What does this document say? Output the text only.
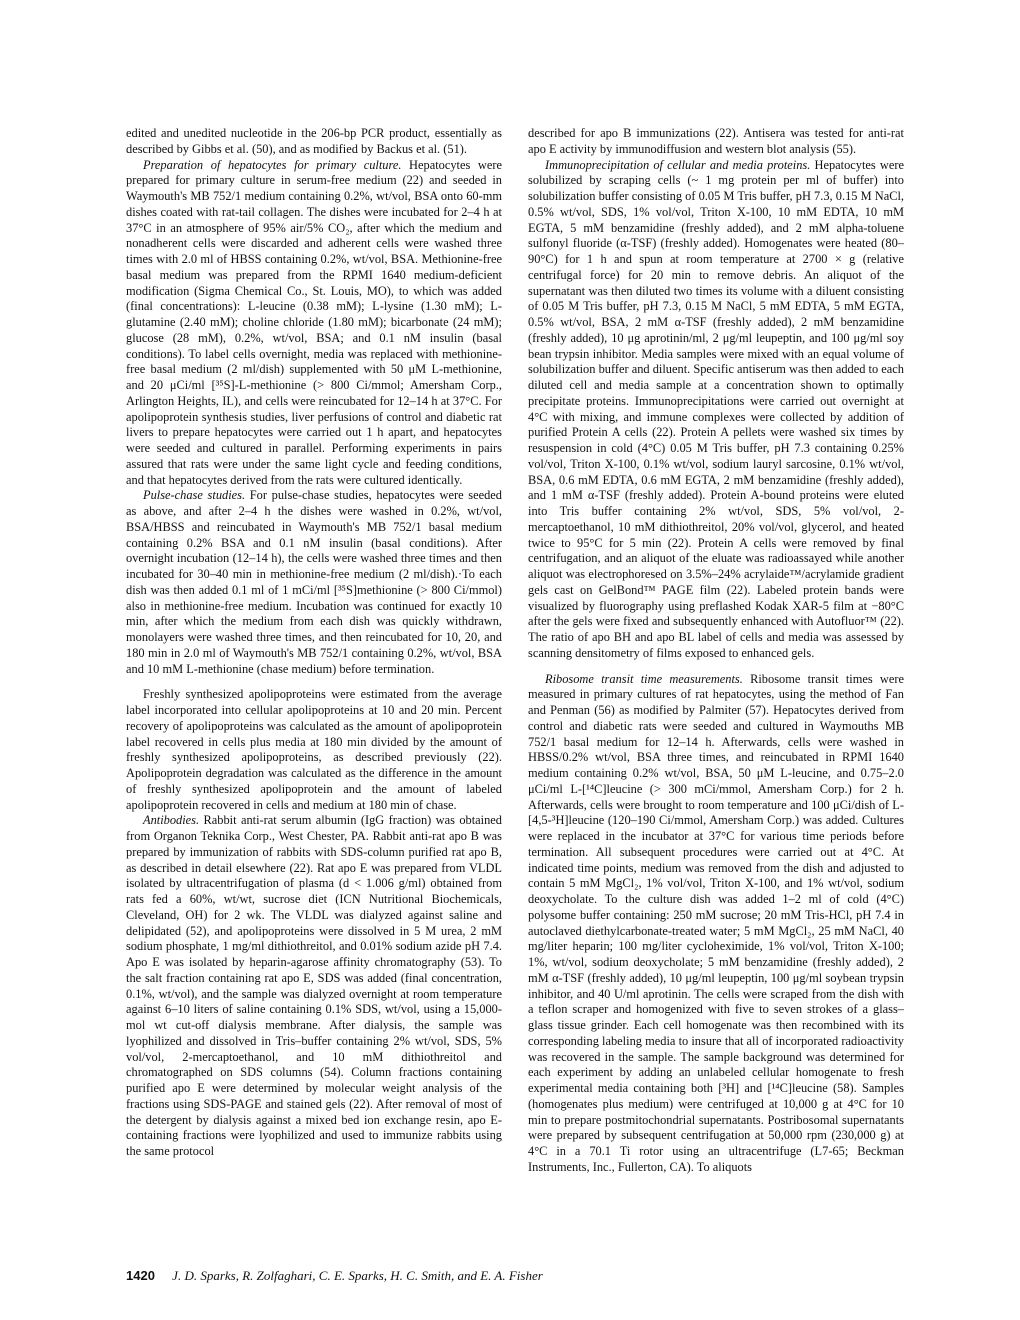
edited and unedited nucleotide in the 206-bp PCR product, essentially as described by Gibbs et al. (50), and as modified by Backus et al. (51).

Preparation of hepatocytes for primary culture. Hepatocytes were prepared for primary culture in serum-free medium (22) and seeded in Waymouth's MB 752/1 medium containing 0.2%, wt/vol, BSA onto 60-mm dishes coated with rat-tail collagen. The dishes were incubated for 2–4 h at 37°C in an atmosphere of 95% air/5% CO₂, after which the medium and nonadherent cells were discarded and adherent cells were washed three times with 2.0 ml of HBSS containing 0.2%, wt/vol, BSA. Methionine-free basal medium was prepared from the RPMI 1640 medium-deficient modification (Sigma Chemical Co., St. Louis, MO), to which was added (final concentrations): L-leucine (0.38 mM); L-lysine (1.30 mM); L-glutamine (2.40 mM); choline chloride (1.80 mM); bicarbonate (24 mM); glucose (28 mM), 0.2%, wt/vol, BSA; and 0.1 nM insulin (basal conditions). To label cells overnight, media was replaced with methionine-free basal medium (2 ml/dish) supplemented with 50 μM L-methionine, and 20 μCi/ml [³⁵S]-L-methionine (> 800 Ci/mmol; Amersham Corp., Arlington Heights, IL), and cells were reincubated for 12–14 h at 37°C. For apolipoprotein synthesis studies, liver perfusions of control and diabetic rat livers to prepare hepatocytes were carried out 1 h apart, and hepatocytes were seeded and cultured in parallel. Performing experiments in pairs assured that rats were under the same light cycle and feeding conditions, and that hepatocytes derived from the rats were cultured identically.

Pulse-chase studies. For pulse-chase studies, hepatocytes were seeded as above, and after 2–4 h the dishes were washed in 0.2%, wt/vol, BSA/HBSS and reincubated in Waymouth's MB 752/1 basal medium containing 0.2% BSA and 0.1 nM insulin (basal conditions). After overnight incubation (12–14 h), the cells were washed three times and then incubated for 30–40 min in methionine-free medium (2 ml/dish).·To each dish was then added 0.1 ml of 1 mCi/ml [³⁵S]methionine (> 800 Ci/mmol) also in methionine-free medium. Incubation was continued for exactly 10 min, after which the medium from each dish was quickly withdrawn, monolayers were washed three times, and then reincubated for 10, 20, and 180 min in 2.0 ml of Waymouth's MB 752/1 containing 0.2%, wt/vol, BSA and 10 mM L-methionine (chase medium) before termination.

Freshly synthesized apolipoproteins were estimated from the average label incorporated into cellular apolipoproteins at 10 and 20 min. Percent recovery of apolipoproteins was calculated as the amount of apolipoprotein label recovered in cells plus media at 180 min divided by the amount of freshly synthesized apolipoproteins, as described previously (22). Apolipoprotein degradation was calculated as the difference in the amount of freshly synthesized apolipoprotein and the amount of labeled apolipoprotein recovered in cells and medium at 180 min of chase.

Antibodies. Rabbit anti-rat serum albumin (IgG fraction) was obtained from Organon Teknika Corp., West Chester, PA. Rabbit anti-rat apo B was prepared by immunization of rabbits with SDS-column purified rat apo B, as described in detail elsewhere (22). Rat apo E was prepared from VLDL isolated by ultracentrifugation of plasma (d < 1.006 g/ml) obtained from rats fed a 60%, wt/wt, sucrose diet (ICN Nutritional Biochemicals, Cleveland, OH) for 2 wk. The VLDL was dialyzed against saline and delipidated (52), and apolipoproteins were dissolved in 5 M urea, 2 mM sodium phosphate, 1 mg/ml dithiothreitol, and 0.01% sodium azide pH 7.4. Apo E was isolated by heparin-agarose affinity chromatography (53). To the salt fraction containing rat apo E, SDS was added (final concentration, 0.1%, wt/vol), and the sample was dialyzed overnight at room temperature against 6–10 liters of saline containing 0.1% SDS, wt/vol, using a 15,000-mol wt cut-off dialysis membrane. After dialysis, the sample was lyophilized and dissolved in Tris–buffer containing 2% wt/vol, SDS, 5% vol/vol, 2-mercaptoethanol, and 10 mM dithiothreitol and chromatographed on SDS columns (54). Column fractions containing purified apo E were determined by molecular weight analysis of the fractions using SDS-PAGE and stained gels (22). After removal of most of the detergent by dialysis against a mixed bed ion exchange resin, apo E-containing fractions were lyophilized and used to immunize rabbits using the same protocol

described for apo B immunizations (22). Antisera was tested for anti-rat apo E activity by immunodiffusion and western blot analysis (55).

Immunoprecipitation of cellular and media proteins. Hepatocytes were solubilized by scraping cells (~ 1 mg protein per ml of buffer) into solubilization buffer consisting of 0.05 M Tris buffer, pH 7.3, 0.15 M NaCl, 0.5% wt/vol, SDS, 1% vol/vol, Triton X-100, 10 mM EDTA, 10 mM EGTA, 5 mM benzamidine (freshly added), and 2 mM alpha-toluene sulfonyl fluoride (α-TSF) (freshly added). Homogenates were heated (80–90°C) for 1 h and spun at room temperature at 2700 × g (relative centrifugal force) for 20 min to remove debris. An aliquot of the supernatant was then diluted two times its volume with a diluent consisting of 0.05 M Tris buffer, pH 7.3, 0.15 M NaCl, 5 mM EDTA, 5 mM EGTA, 0.5% wt/vol, BSA, 2 mM α-TSF (freshly added), 2 mM benzamidine (freshly added), 10 μg aprotinin/ml, 2 μg/ml leupeptin, and 100 μg/ml soy bean trypsin inhibitor. Media samples were mixed with an equal volume of solubilization buffer and diluent. Specific antiserum was then added to each diluted cell and media sample at a concentration shown to optimally precipitate proteins. Immunoprecipitations were carried out overnight at 4°C with mixing, and immune complexes were collected by addition of purified Protein A cells (22). Protein A pellets were washed six times by resuspension in cold (4°C) 0.05 M Tris buffer, pH 7.3 containing 0.25% vol/vol, Triton X-100, 0.1% wt/vol, sodium lauryl sarcosine, 0.1% wt/vol, BSA, 0.6 mM EDTA, 0.6 mM EGTA, 2 mM benzamidine (freshly added), and 1 mM α-TSF (freshly added). Protein A-bound proteins were eluted into Tris buffer containing 2% wt/vol, SDS, 5% vol/vol, 2-mercaptoethanol, 10 mM dithiothreitol, 20% vol/vol, glycerol, and heated twice to 95°C for 5 min (22). Protein A cells were removed by final centrifugation, and an aliquot of the eluate was radioassayed while another aliquot was electrophoresed on 3.5%–24% acrylaide™/acrylamide gradient gels cast on GelBond™ PAGE film (22). Labeled protein bands were visualized by fluorography using preflashed Kodak XAR-5 film at −80°C after the gels were fixed and subsequently enhanced with Autofluor™ (22). The ratio of apo BH and apo BL label of cells and media was assessed by scanning densitometry of films exposed to enhanced gels.

Ribosome transit time measurements. Ribosome transit times were measured in primary cultures of rat hepatocytes, using the method of Fan and Penman (56) as modified by Palmiter (57). Hepatocytes derived from control and diabetic rats were seeded and cultured in Waymouths MB 752/1 basal medium for 12–14 h. Afterwards, cells were washed in HBSS/0.2% wt/vol, BSA three times, and reincubated in RPMI 1640 medium containing 0.2% wt/vol, BSA, 50 μM L-leucine, and 0.75–2.0 μCi/ml L-[¹⁴C]leucine (> 300 mCi/mmol, Amersham Corp.) for 2 h. Afterwards, cells were brought to room temperature and 100 μCi/dish of L-[4,5-³H]leucine (120–190 Ci/mmol, Amersham Corp.) was added. Cultures were replaced in the incubator at 37°C for various time periods before termination. All subsequent procedures were carried out at 4°C. At indicated time points, medium was removed from the dish and adjusted to contain 5 mM MgCl₂, 1% vol/vol, Triton X-100, and 1% wt/vol, sodium deoxycholate. To the culture dish was added 1–2 ml of cold (4°C) polysome buffer containing: 250 mM sucrose; 20 mM Tris-HCl, pH 7.4 in autoclaved diethylcarbonate-treated water; 5 mM MgCl₂, 25 mM NaCl, 40 mg/liter heparin; 100 mg/liter cycloheximide, 1% vol/vol, Triton X-100; 1%, wt/vol, sodium deoxycholate; 5 mM benzamidine (freshly added), 2 mM α-TSF (freshly added), 10 μg/ml leupeptin, 100 μg/ml soybean trypsin inhibitor, and 40 U/ml aprotinin. The cells were scraped from the dish with a teflon scraper and homogenized with five to seven strokes of a glass–glass tissue grinder. Each cell homogenate was then recombined with its corresponding labeling media to insure that all of incorporated radioactivity was recovered in the sample. The sample background was determined for each experiment by adding an unlabeled cellular homogenate to fresh experimental media containing both [³H] and [¹⁴C]leucine (58). Samples (homogenates plus medium) were centrifuged at 10,000 g at 4°C for 10 min to prepare postmitochondrial supernatants. Postribosomal supernatants were prepared by subsequent centrifugation at 50,000 rpm (230,000 g) at 4°C in a 70.1 Ti rotor using an ultracentrifuge (L7-65; Beckman Instruments, Inc., Fullerton, CA). To aliquots

1420 J. D. Sparks, R. Zolfaghari, C. E. Sparks, H. C. Smith, and E. A. Fisher
